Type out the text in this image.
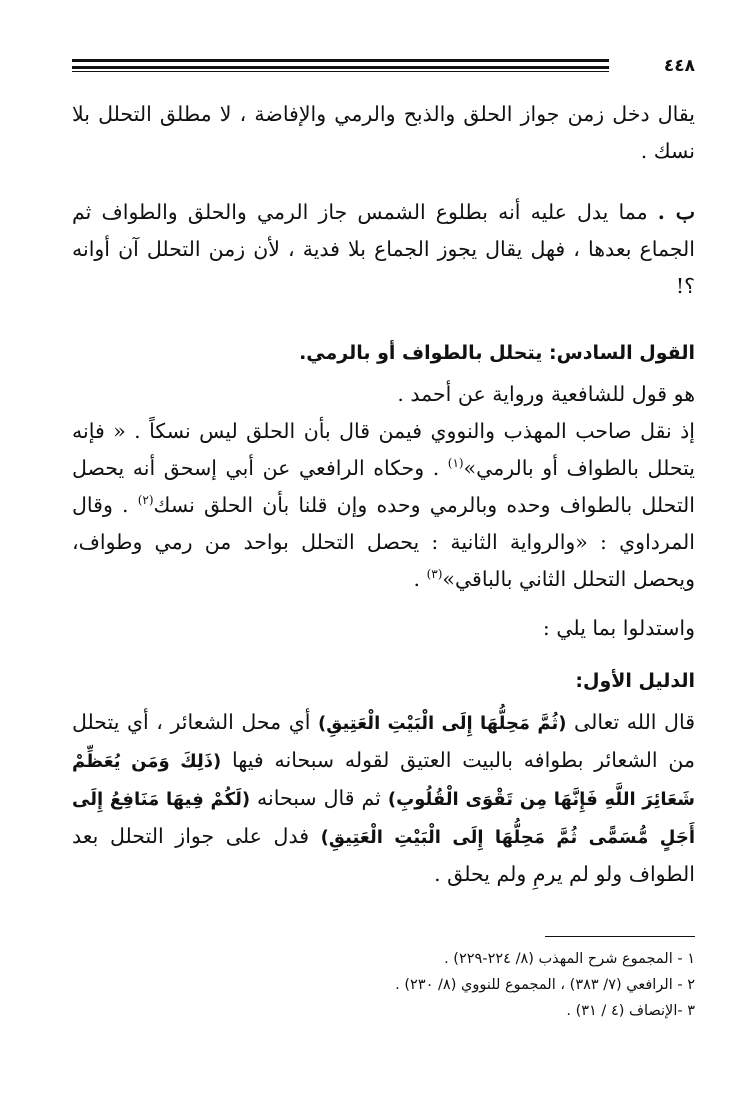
٤٤٨

يقال دخل زمن جواز الحلق والذبح والرمي والإفاضة ، لا مطلق التحلل بلا نسك .

ب . مما يدل عليه أنه بطلوع الشمس جاز الرمي والحلق والطواف ثم الجماع بعدها ، فهل يقال يجوز الجماع بلا فدية ، لأن زمن التحلل آن أوانه ؟!

القول السادس: يتحلل بالطواف أو بالرمي.

هو قول للشافعية ورواية عن أحمد .

إذ نقل صاحب المهذب والنووي فيمن قال بأن الحلق ليس نسكاً . « فإنه يتحلل بالطواف أو بالرمي»$^{(١)}$ . وحكاه الرافعي عن أبي إسحق أنه يحصل التحلل بالطواف وحده وبالرمي وحده وإن قلنا بأن الحلق نسك$^{(٢)}$ . وقال المرداوي : «والرواية الثانية : يحصل التحلل بواحد من رمي وطواف، ويحصل التحلل الثاني بالباقي»$^{(٣)}$ .

واستدلوا بما يلي :

الدليل الأول:

قال الله تعالى (ثُمَّ مَحِلُّهَا إِلَى الْبَيْتِ الْعَتِيقِ) أي محل الشعائر ، أي يتحلل من الشعائر بطوافه بالبيت العتيق لقوله سبحانه فيها (ذَلِكَ وَمَن يُعَظِّمْ شَعَائِرَ اللَّهِ فَإِنَّهَا مِن تَقْوَى الْقُلُوبِ) ثم قال سبحانه (لَكُمْ فِيهَا مَنَافِعُ إِلَى أَجَلٍ مُّسَمًّى ثُمَّ مَحِلُّهَا إِلَى الْبَيْتِ الْعَتِيقِ) فدل على جواز التحلل بعد الطواف ولو لم يرمِ ولم يحلق .

١ - المجموع شرح المهذب (٨/ ٢٢٤-٢٢٩) .
٢ - الرافعي (٧/ ٣٨٣) ، المجموع للنووي (٨/ ٢٣٠) .
٣ -الإنصاف (٤ / ٣١) .
